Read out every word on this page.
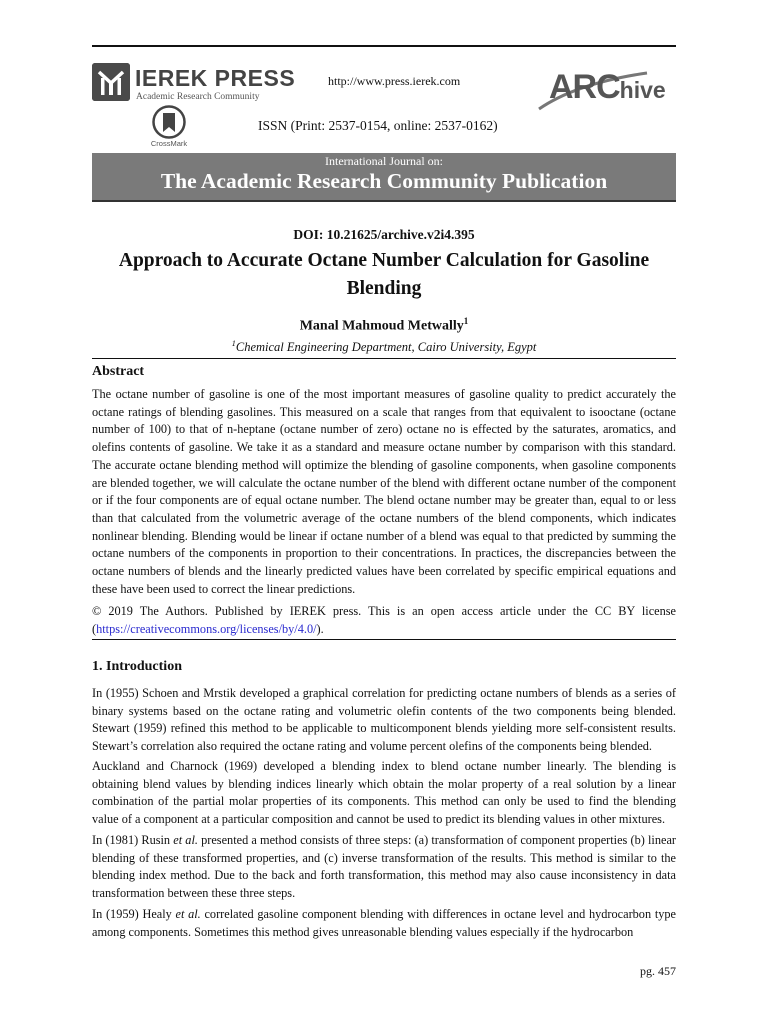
IEREK PRESS
Academic Research Community
CrossMark
http://www.press.ierek.com
ISSN (Print: 2537-0154, online: 2537-0162)
ARChive
International Journal on:
The Academic Research Community Publication
DOI: 10.21625/archive.v2i4.395
Approach to Accurate Octane Number Calculation for Gasoline Blending
Manal Mahmoud Metwally$^1$
$^1$Chemical Engineering Department, Cairo University, Egypt
Abstract
The octane number of gasoline is one of the most important measures of gasoline quality to predict accurately the octane ratings of blending gasolines. This measured on a scale that ranges from that equivalent to isooctane (octane number of 100) to that of n-heptane (octane number of zero) octane no is effected by the saturates, aromatics, and olefins contents of gasoline. We take it as a standard and measure octane number by comparison with this standard. The accurate octane blending method will optimize the blending of gasoline components, when gasoline components are blended together, we will calculate the octane number of the blend with different octane number of the component or if the four components are of equal octane number. The blend octane number may be greater than, equal to or less than that calculated from the volumetric average of the octane numbers of the blend components, which indicates nonlinear blending. Blending would be linear if octane number of a blend was equal to that predicted by summing the octane numbers of the components in proportion to their concentrations. In practices, the discrepancies between the octane numbers of blends and the linearly predicted values have been correlated by specific empirical equations and these have been used to correct the linear predictions.
© 2019 The Authors. Published by IEREK press. This is an open access article under the CC BY license (https://creativecommons.org/licenses/by/4.0/).
1. Introduction
In (1955) Schoen and Mrstik developed a graphical correlation for predicting octane numbers of blends as a series of binary systems based on the octane rating and volumetric olefin contents of the two components being blended. Stewart (1959) refined this method to be applicable to multicomponent blends yielding more self-consistent results. Stewart’s correlation also required the octane rating and volume percent olefins of the components being blended.
Auckland and Charnock (1969) developed a blending index to blend octane number linearly. The blending is obtaining blend values by blending indices linearly which obtain the molar property of a real solution by a linear combination of the partial molar properties of its components. This method can only be used to find the blending value of a component at a particular composition and cannot be used to predict its blending values in other mixtures.
In (1981) Rusin et al. presented a method consists of three steps: (a) transformation of component properties (b) linear blending of these transformed properties, and (c) inverse transformation of the results. This method is similar to the blending index method. Due to the back and forth transformation, this method may also cause inconsistency in data transformation between these three steps.
In (1959) Healy et al. correlated gasoline component blending with differences in octane level and hydrocarbon type among components. Sometimes this method gives unreasonable blending values especially if the hydrocarbon
pg. 457
